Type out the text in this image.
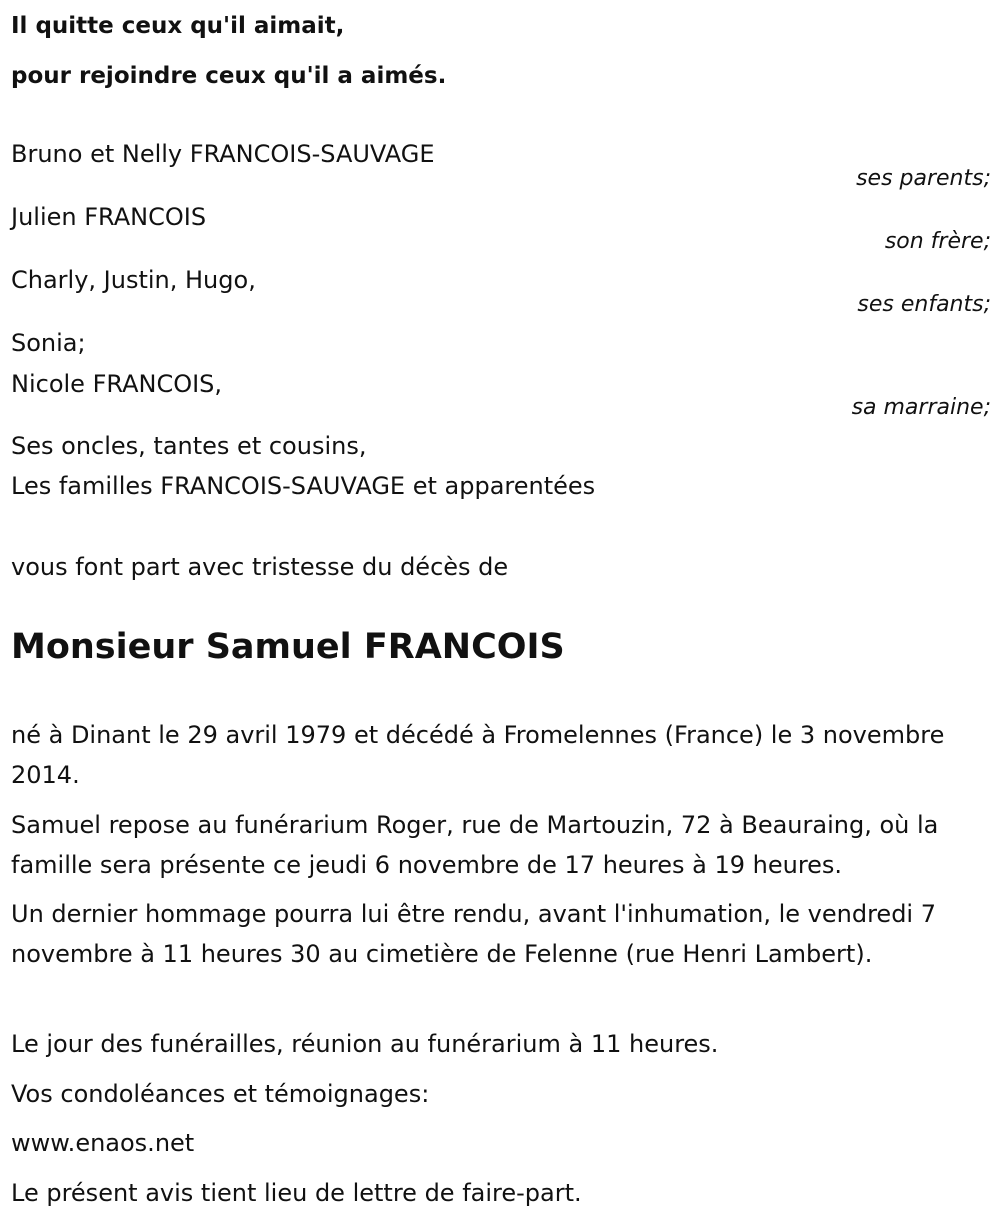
Il quitte ceux qu'il aimait,
pour rejoindre ceux qu'il a aimés.
Bruno et Nelly FRANCOIS-SAUVAGE
ses parents;
Julien FRANCOIS
son frère;
Charly, Justin, Hugo,
ses enfants;
Sonia;
Nicole FRANCOIS,
sa marraine;
Ses oncles, tantes et cousins,
Les familles FRANCOIS-SAUVAGE et apparentées
vous font part avec tristesse du décès de
Monsieur Samuel FRANCOIS
né à Dinant le 29 avril 1979 et décédé à Fromelennes (France) le 3 novembre 2014.
Samuel repose au funérarium Roger, rue de Martouzin, 72 à Beauraing, où la famille sera présente ce jeudi 6 novembre de 17 heures à 19 heures.
Un dernier hommage pourra lui être rendu, avant l'inhumation, le vendredi 7 novembre à 11 heures 30 au cimetière de Felenne (rue Henri Lambert).
Le jour des funérailles, réunion au funérarium à 11 heures.
Vos condoléances et témoignages:
www.enaos.net
Le présent avis tient lieu de lettre de faire-part.
